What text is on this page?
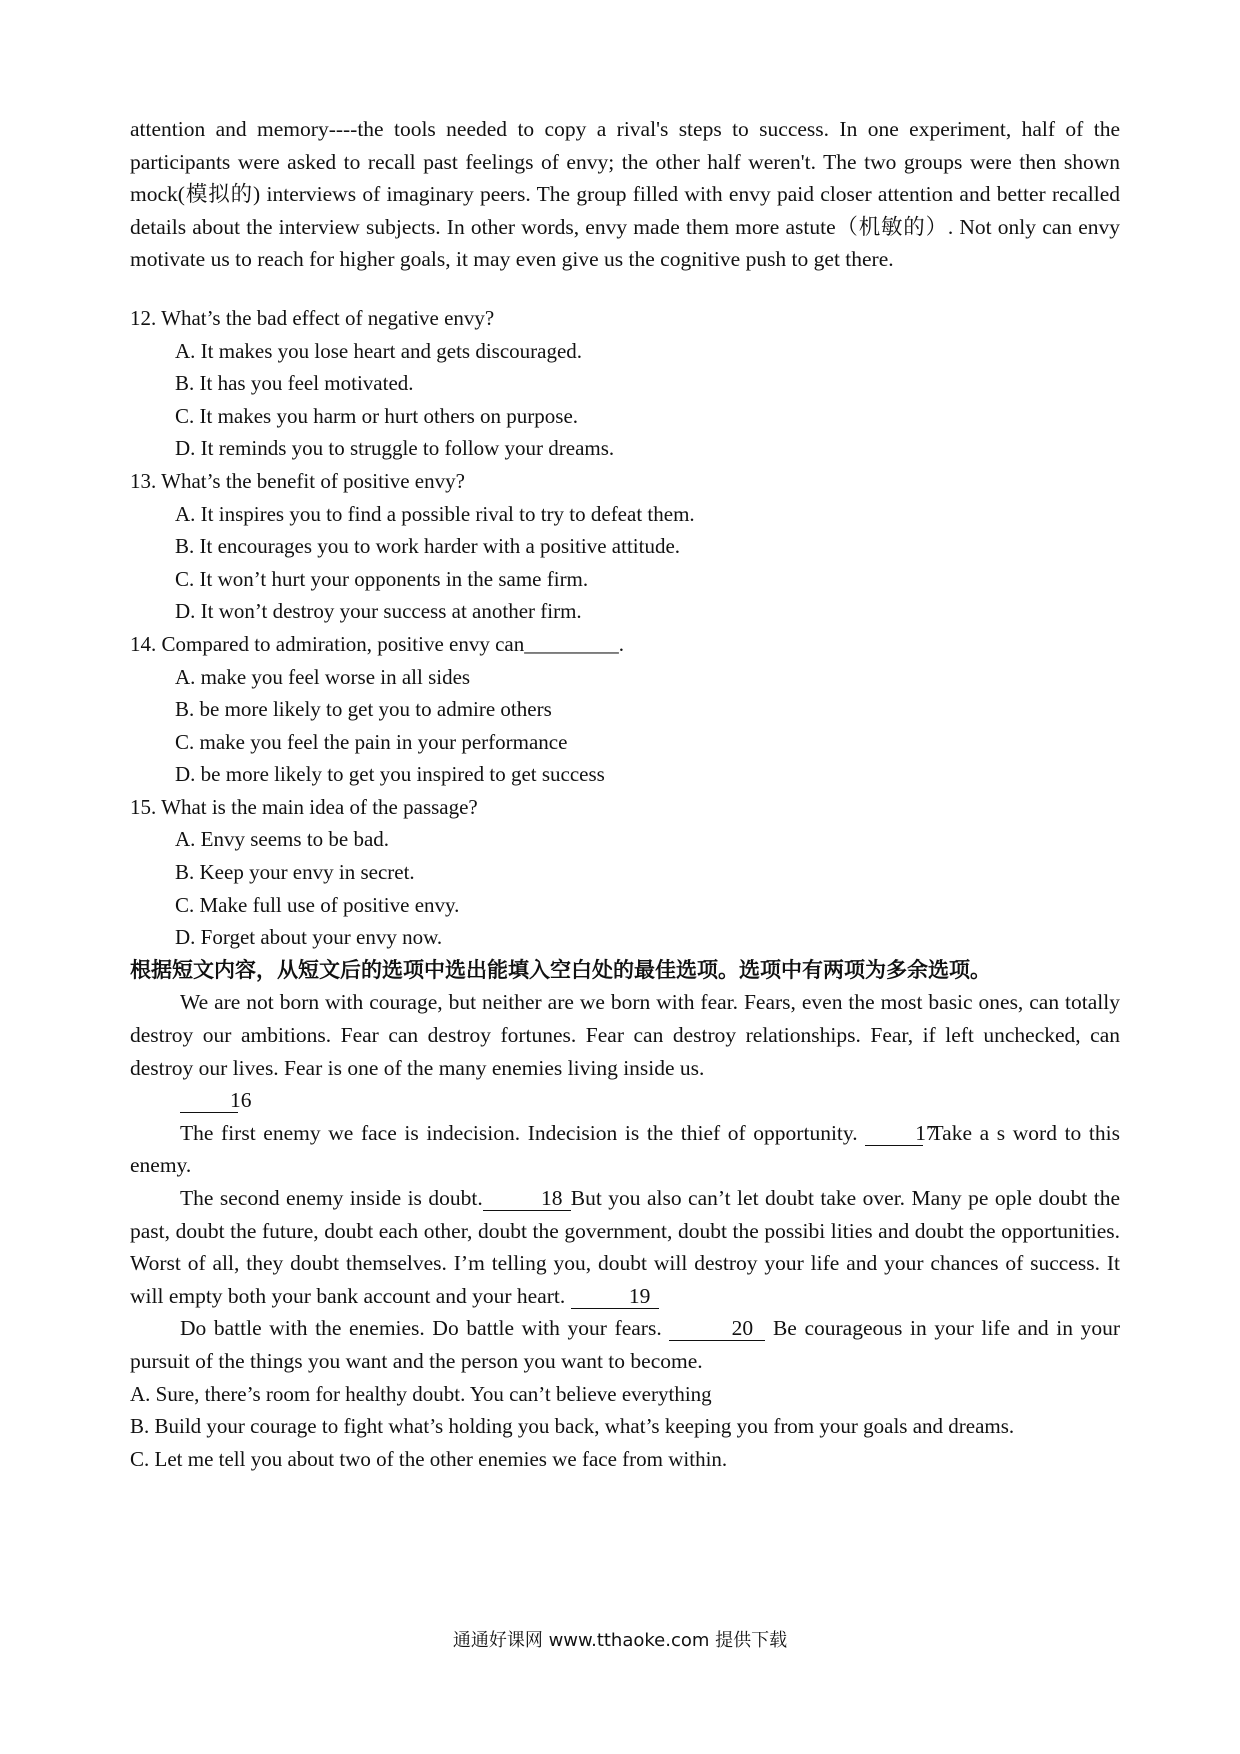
attention and memory----the tools needed to copy a rival's steps to success. In one experiment, half of the participants were asked to recall past feelings of envy; the other half weren't. The two groups were then shown mock(模拟的) interviews of imaginary peers. The group filled with envy paid closer attention and better recalled details about the interview subjects. In other words, envy made them more astute（机敏的）. Not only can envy motivate us to reach for higher goals, it may even give us the cognitive push to get there.

12. What’s the bad effect of negative envy?

A. It makes you lose heart and gets discouraged.

B. It has you feel motivated.

C. It makes you harm or hurt others on purpose.

D. It reminds you to struggle to follow your dreams.

13. What’s the benefit of positive envy?

A. It inspires you to find a possible rival to try to defeat them.

B. It encourages you to work harder with a positive attitude.

C. It won’t hurt your opponents in the same firm.

D. It won’t destroy your success at another firm.

14. Compared to admiration, positive envy can_________.

A. make you feel worse in all sides

B. be more likely to get you to admire others

C. make you feel the pain in your performance

D. be more likely to get you inspired to get success

15. What is the main idea of the passage?

A. Envy seems to be bad.

B. Keep your envy in secret.

C. Make full use of positive envy.

D. Forget about your envy now.

根据短文内容，从短文后的选项中选出能填入空白处的最佳选项。选项中有两项为多余选项。

We are not born with courage, but neither are we born with fear. Fears, even the most basic ones, can totally destroy our ambitions. Fear can destroy fortunes. Fear can destroy relationships. Fear, if left unchecked, can destroy our lives. Fear is one of the many enemies living inside us.

16

The first enemy we face is indecision. Indecision is the thief of opportunity.	17 Take a s word to this enemy.

The second enemy inside is doubt.	18 But you also can’t let doubt take over. Many pe ople doubt the past, doubt the future, doubt each other, doubt the government, doubt the possibi lities and doubt the opportunities. Worst of all, they doubt themselves. I’m telling you, doubt will destroy your life and your chances of success. It will empty both your bank account and your heart.	19

Do battle with the enemies. Do battle with your fears.	20 Be courageous in your life and in your pursuit of the things you want and the person you want to become.

A. Sure, there’s room for healthy doubt. You can’t believe everything

B. Build your courage to fight what’s holding you back, what’s keeping you from your goals and dreams.

C. Let me tell you about two of the other enemies we face from within.

通通好课网 www.tthaoke.com 提供下载
